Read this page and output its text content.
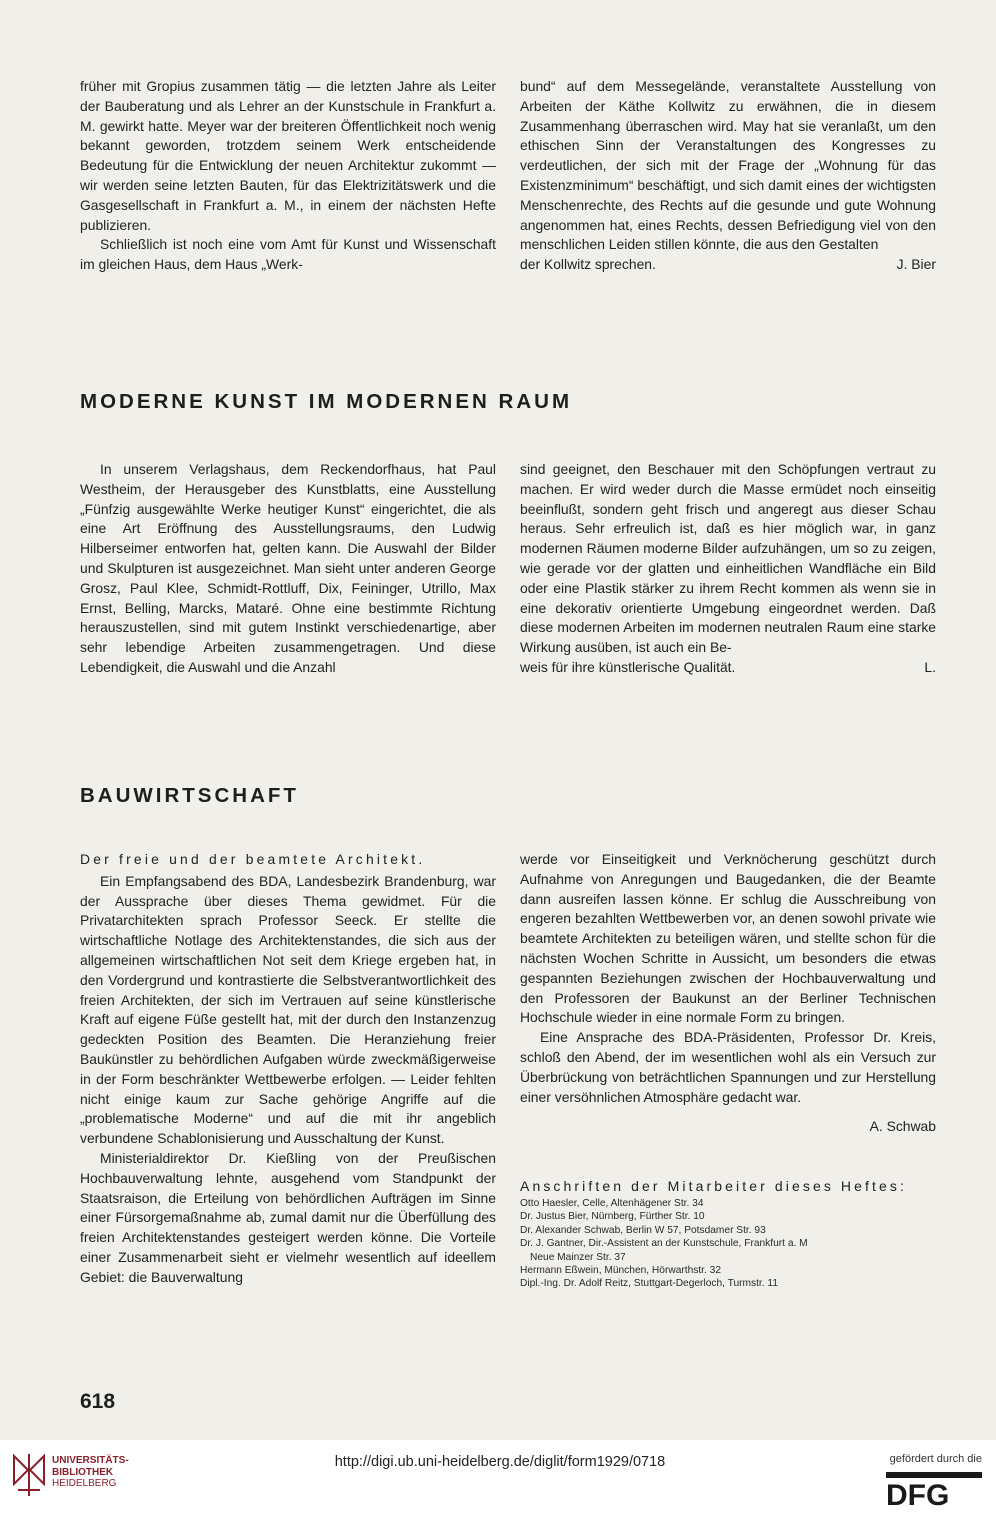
früher mit Gropius zusammen tätig — die letzten Jahre als Leiter der Bauberatung und als Lehrer an der Kunstschule in Frankfurt a. M. gewirkt hatte. Meyer war der breiteren Öffentlichkeit noch wenig bekannt geworden, trotzdem seinem Werk entscheidende Bedeutung für die Entwicklung der neuen Architektur zukommt — wir werden seine letzten Bauten, für das Elektrizitätswerk und die Gasgesellschaft in Frankfurt a. M., in einem der nächsten Hefte publizieren.

Schließlich ist noch eine vom Amt für Kunst und Wissenschaft im gleichen Haus, dem Haus „Werk-

bund“ auf dem Messegelände, veranstaltete Ausstellung von Arbeiten der Käthe Kollwitz zu erwähnen, die in diesem Zusammenhang überraschen wird. May hat sie veranlaßt, um den ethischen Sinn der Veranstaltungen des Kongresses zu verdeutlichen, der sich mit der Frage der „Wohnung für das Existenzminimum“ beschäftigt, und sich damit eines der wichtigsten Menschenrechte, des Rechts auf die gesunde und gute Wohnung angenommen hat, eines Rechts, dessen Befriedigung viel von den menschlichen Leiden stillen könnte, die aus den Gestalten

der Kollwitz sprechen.	J. Bier
MODERNE KUNST IM MODERNEN RAUM

In unserem Verlagshaus, dem Reckendorfhaus, hat Paul Westheim, der Herausgeber des Kunstblatts, eine Ausstellung „Fünfzig ausgewählte Werke heutiger Kunst“ eingerichtet, die als eine Art Eröffnung des Ausstellungsraums, den Ludwig Hilberseimer entworfen hat, gelten kann. Die Auswahl der Bilder und Skulpturen ist ausgezeichnet. Man sieht unter anderen George Grosz, Paul Klee, Schmidt-Rottluff, Dix, Feininger, Utrillo, Max Ernst, Belling, Marcks, Mataré. Ohne eine bestimmte Richtung herauszustellen, sind mit gutem Instinkt verschiedenartige, aber sehr lebendige Arbeiten zusammengetragen. Und diese Lebendigkeit, die Auswahl und die Anzahl

sind geeignet, den Beschauer mit den Schöpfungen vertraut zu machen. Er wird weder durch die Masse ermüdet noch einseitig beeinflußt, sondern geht frisch und angeregt aus dieser Schau heraus. Sehr erfreulich ist, daß es hier möglich war, in ganz modernen Räumen moderne Bilder aufzuhängen, um so zu zeigen, wie gerade vor der glatten und einheitlichen Wandfläche ein Bild oder eine Plastik stärker zu ihrem Recht kommen als wenn sie in eine dekorativ orientierte Umgebung eingeordnet werden. Daß diese modernen Arbeiten im modernen neutralen Raum eine starke Wirkung ausüben, ist auch ein Be-

weis für ihre künstlerische Qualität.	L.
BAUWIRTSCHAFT

Der freie und der beamtete Architekt.

Ein Empfangsabend des BDA, Landesbezirk Brandenburg, war der Aussprache über dieses Thema gewidmet. Für die Privatarchitekten sprach Professor Seeck. Er stellte die wirtschaftliche Notlage des Architektenstandes, die sich aus der allgemeinen wirtschaftlichen Not seit dem Kriege ergeben hat, in den Vordergrund und kontrastierte die Selbstverantwortlichkeit des freien Architekten, der sich im Vertrauen auf seine künstlerische Kraft auf eigene Füße gestellt hat, mit der durch den Instanzenzug gedeckten Position des Beamten. Die Heranziehung freier Baukünstler zu behördlichen Aufgaben würde zweckmäßigerweise in der Form beschränkter Wettbewerbe erfolgen. — Leider fehlten nicht einige kaum zur Sache gehörige Angriffe auf die „problematische Moderne“ und auf die mit ihr angeblich verbundene Schablonisierung und Ausschaltung der Kunst.

Ministerialdirektor Dr. Kießling von der Preußischen Hochbauverwaltung lehnte, ausgehend vom Standpunkt der Staatsraison, die Erteilung von behördlichen Aufträgen im Sinne einer Fürsorgemaßnahme ab, zumal damit nur die Überfüllung des freien Architektenstandes gesteigert werden könne. Die Vorteile einer Zusammenarbeit sieht er vielmehr wesentlich auf ideellem Gebiet: die Bauverwaltung

werde vor Einseitigkeit und Verknöcherung geschützt durch Aufnahme von Anregungen und Baugedanken, die der Beamte dann ausreifen lassen könne. Er schlug die Ausschreibung von engeren bezahlten Wettbewerben vor, an denen sowohl private wie beamtete Architekten zu beteiligen wären, und stellte schon für die nächsten Wochen Schritte in Aussicht, um besonders die etwas gespannten Beziehungen zwischen der Hochbauverwaltung und den Professoren der Baukunst an der Berliner Technischen Hochschule wieder in eine normale Form zu bringen.

Eine Ansprache des BDA-Präsidenten, Professor Dr. Kreis, schloß den Abend, der im wesentlichen wohl als ein Versuch zur Überbrückung von beträchtlichen Spannungen und zur Herstellung einer versöhnlichen Atmosphäre gedacht war.

A. Schwab

Anschriften der Mitarbeiter dieses Heftes:

Otto Haesler, Celle, Altenhägener Str. 34
Dr. Justus Bier, Nürnberg, Fürther Str. 10
Dr. Alexander Schwab, Berlin W 57, Potsdamer Str. 93
Dr. J. Gantner, Dir.-Assistent an der Kunstschule, Frankfurt a. M
Neue Mainzer Str. 37
Hermann Eßwein, München, Hörwarthstr. 32
Dipl.-Ing. Dr. Adolf Reitz, Stuttgart-Degerloch, Turmstr. 11
618
UNIVERSITÄTS-
BIBLIOTHEK
HEIDELBERG
http://digi.ub.uni-heidelberg.de/diglit/form1929/0718	gefördert durch die
DFG
